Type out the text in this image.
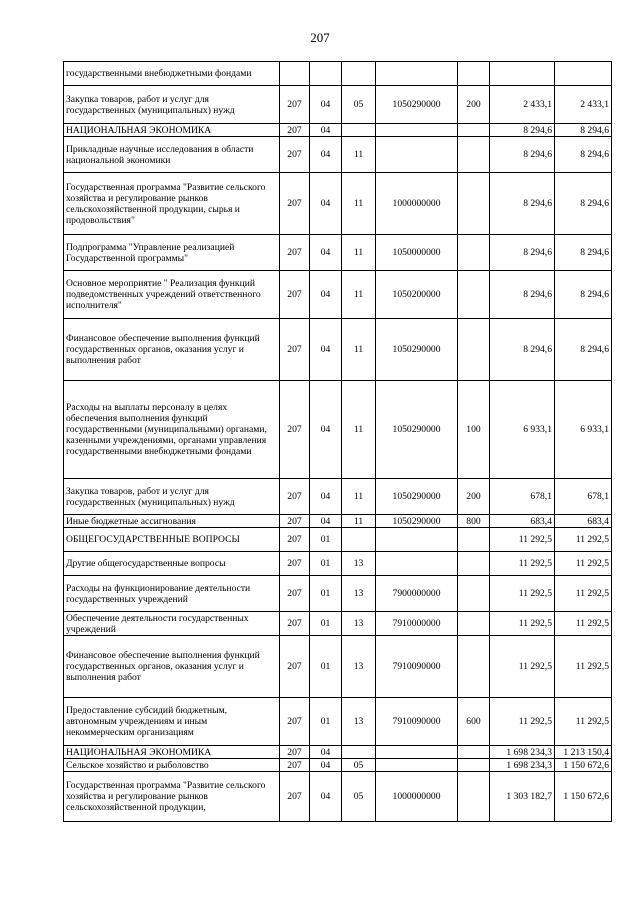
207
государственными внебюджетными фондами							
Закупка товаров, работ и услуг для государственных (муниципальных) нужд	207	04	05	1050290000	200	2 433,1	2 433,1
НАЦИОНАЛЬНАЯ ЭКОНОМИКА	207	04				8 294,6	8 294,6
Прикладные научные исследования в области национальной экономики	207	04	11			8 294,6	8 294,6
Государственная программа "Развитие сельского хозяйства и регулирование рынков сельскохозяйственной продукции, сырья и продовольствия"	207	04	11	1000000000		8 294,6	8 294,6
Подпрограмма "Управление реализацией Государственной программы"	207	04	11	1050000000		8 294,6	8 294,6
Основное мероприятие " Реализация функций подведомственных учреждений ответственного исполнителя"	207	04	11	1050200000		8 294,6	8 294,6
Финансовое обеспечение выполнения функций государственных органов, оказания услуг и выполнения работ	207	04	11	1050290000		8 294,6	8 294,6
Расходы на выплаты персоналу в целях обеспечения выполнения функций государственными (муниципальными) органами, казенными учреждениями, органами управления государственными внебюджетными фондами	207	04	11	1050290000	100	6 933,1	6 933,1
Закупка товаров, работ и услуг для государственных (муниципальных) нужд	207	04	11	1050290000	200	678,1	678,1
Иные бюджетные ассигнования	207	04	11	1050290000	800	683,4	683,4
ОБЩЕГОСУДАРСТВЕННЫЕ ВОПРОСЫ	207	01				11 292,5	11 292,5
Другие общегосударственные вопросы	207	01	13			11 292,5	11 292,5
Расходы на функционирование деятельности государственных учреждений	207	01	13	7900000000		11 292,5	11 292,5
Обеспечение деятельности государственных учреждений	207	01	13	7910000000		11 292,5	11 292,5
Финансовое обеспечение выполнения функций государственных органов, оказания услуг и выполнения работ	207	01	13	7910090000		11 292,5	11 292,5
Предоставление субсидий бюджетным, автономным учреждениям и иным некоммерческим организациям	207	01	13	7910090000	600	11 292,5	11 292,5
НАЦИОНАЛЬНАЯ ЭКОНОМИКА	207	04				1 698 234,3	1 213 150,4
Сельское хозяйство и рыболовство	207	04	05			1 698 234,3	1 150 672,6
Государственная программа "Развитие сельского хозяйства и регулирование рынков сельскохозяйственной продукции,	207	04	05	1000000000		1 303 182,7	1 150 672,6
